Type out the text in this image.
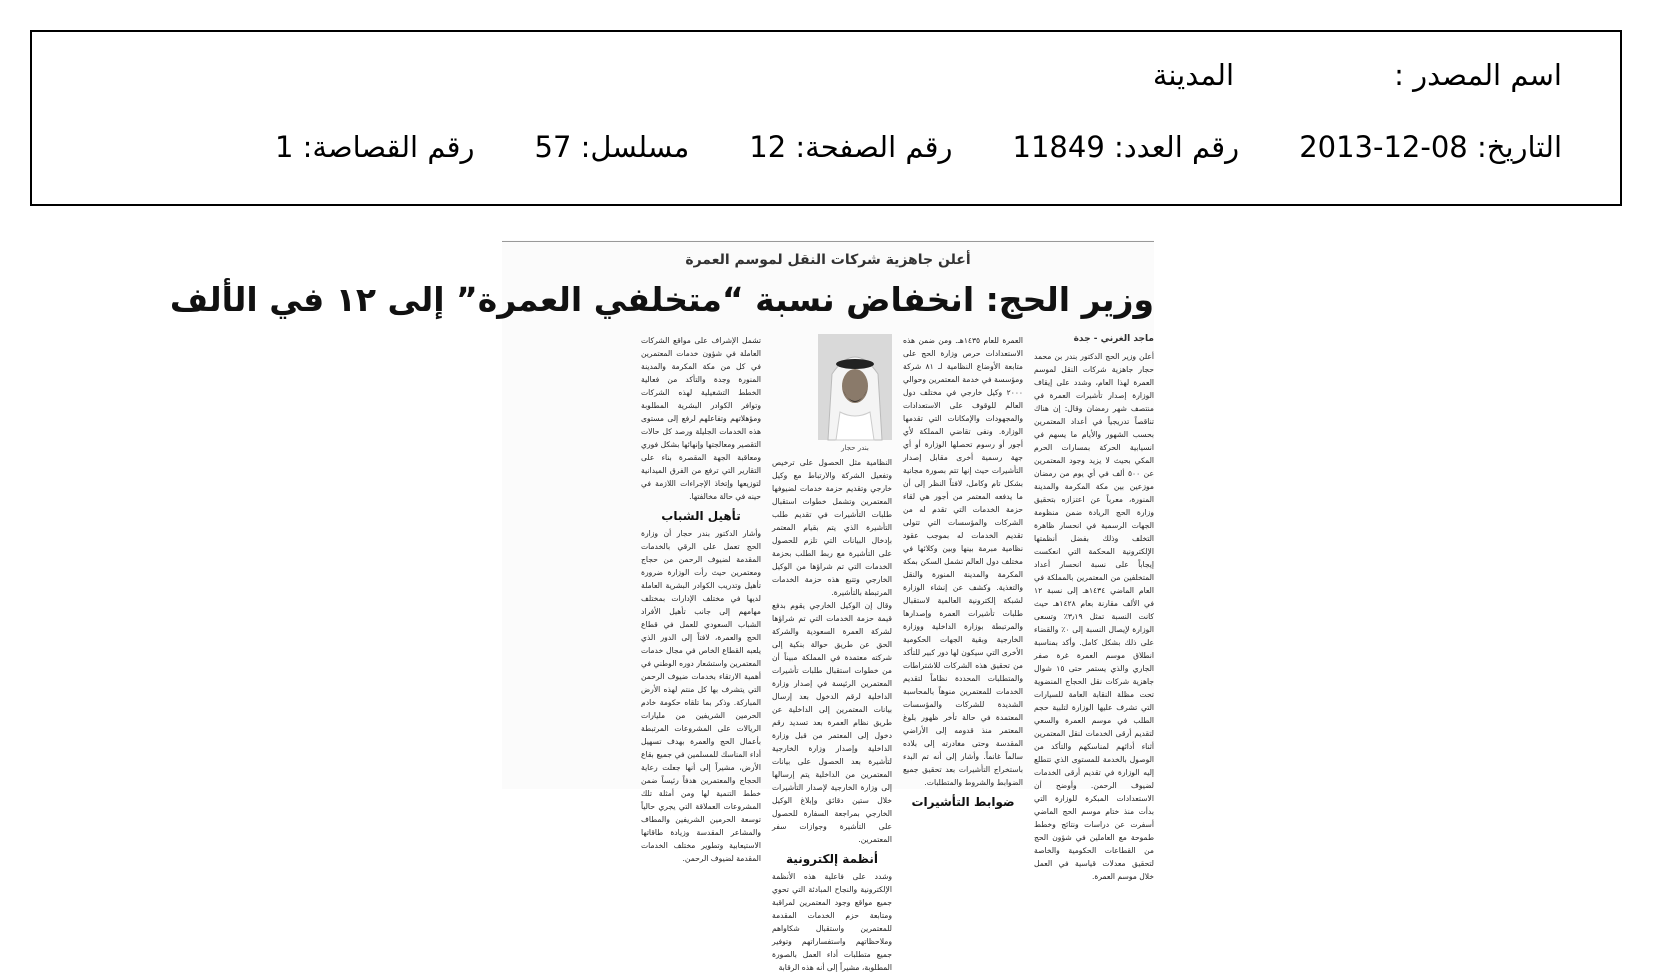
اسم المصدر :
المدينة
التاريخ:

2013-12-08
رقم العدد:

11849
رقم الصفحة:

12
مسلسل:

57
رقم القصاصة:

1
أعلن جاهزية شركات النقل لموسم العمرة
وزير الحج: انخفاض نسبة “متخلفي العمرة” إلى ١٢ في الألف
ماجد الغرني - جدة
أعلن وزير الحج الدكتور بندر بن محمد حجار جاهزية شركات النقل لموسم العمرة لهذا العام، وشدد على إيقاف الوزارة إصدار تأشيرات العمرة في منتصف شهر رمضان وقال: إن هناك تناقصاً تدريجياً في أعداد المعتمرين بحسب الشهور والأيام ما يسهم في انسيابية الحركة بمسارات الحرم المكي بحيث لا يزيد وجود المعتمرين عن ٥٠٠ ألف في أي يوم من رمضان موزعين بين مكة المكرمة والمدينة المنورة، معرباً عن اعتزازه بتحقيق وزارة الحج الريادة ضمن منظومة الجهات الرسمية في انحسار ظاهرة التخلف وذلك بفضل أنظمتها الإلكترونية المحكمة التي انعكست إيجاباً على نسبة انحسار أعداد المتخلفين من المعتمرين بالمملكة في العام الماضي ١٤٣٤هـ إلى نسبة ١٢ في الألف مقارنة بعام ١٤٢٨هـ حيث كانت النسبة تمثل ٣٫١٩٪ وتسعى الوزارة لإيصال النسبة إلى ٠٪ والقضاء على ذلك بشكل كامل. وأكد بمناسبة انطلاق موسم العمرة غرة صفر الجاري والذي يستمر حتى ١٥ شوال جاهزية شركات نقل الحجاج المنضوية تحت مظلة النقابة العامة للسيارات التي تشرف عليها الوزارة لتلبية حجم الطلب في موسم العمرة والسعي لتقديم أرقى الخدمات لنقل المعتمرين أثناء أدائهم لمناسكهم والتأكد من الوصول بالخدمة للمستوى الذي تتطلع إليه الوزارة في تقديم أرقى الخدمات لضيوف الرحمن. وأوضح أن الاستعدادات المبكرة للوزارة التي بدأت منذ ختام موسم الحج الماضي أسفرت عن دراسات ونتائج وخطط طموحة مع العاملين في شؤون الحج من القطاعات الحكومية والخاصة لتحقيق معدلات قياسية في العمل خلال موسم العمرة.
العمرة للعام ١٤٣٥هـ. ومن ضمن هذه الاستعدادات حرص وزارة الحج على متابعة الأوضاع النظامية لـ ٨١ شركة ومؤسسة في خدمة المعتمرين وحوالي ٢٠٠٠ وكيل خارجي في مختلف دول العالم للوقوف على الاستعدادات والمجهودات والإمكانات التي تقدمها الوزارة. ونفى تقاضي المملكة لأي أجور أو رسوم تحصلها الوزارة أو أي جهة رسمية أخرى مقابل إصدار التأشيرات حيث إنها تتم بصورة مجانية بشكل تام وكامل، لافتاً النظر إلى أن ما يدفعه المعتمر من أجور هي لقاء حزمة الخدمات التي تقدم له من الشركات والمؤسسات التي تتولى تقديم الخدمات له بموجب عقود نظامية مبرمة بينها وبين وكلائها في مختلف دول العالم تشمل السكن بمكة المكرمة والمدينة المنورة والنقل والتغذية. وكشف عن إنشاء الوزارة لشبكة إلكترونية العالمية لاستقبال طلبات تأشيرات العمرة وإصدارها والمرتبطة بوزارة الداخلية ووزارة الخارجية وبقية الجهات الحكومية الأخرى التي سيكون لها دور كبير للتأكد من تحقيق هذه الشركات للاشتراطات والمتطلبات المحددة نظاماً لتقديم الخدمات للمعتمرين منوهاً بالمحاسبة الشديدة للشركات والمؤسسات المعتمدة في حالة تأخر ظهور بلوغ المعتمر منذ قدومه إلى الأراضي المقدسة وحتى مغادرته إلى بلاده سالماً غانماً. وأشار إلى أنه تم البدء باستخراج التأشيرات بعد تحقيق جميع الضوابط والشروط والمتطلبات.
ضوابط التأشيرات
بندر حجار
النظامية مثل الحصول على ترخيص وتفعيل الشركة والارتباط مع وكيل خارجي وتقديم حزمة خدمات لضيوفها المعتمرين وتشمل خطوات استقبال طلبات التأشيرات في تقديم طلب التأشيرة الذي يتم بقيام المعتمر بإدخال البيانات التي تلزم للحصول على التأشيرة مع ربط الطلب بحزمة الخدمات التي تم شراؤها من الوكيل الخارجي وتتبع هذه حزمة الخدمات المرتبطة بالتأشيرة.
وقال إن الوكيل الخارجي يقوم بدفع قيمة حزمة الخدمات التي تم شراؤها لشركة العمرة السعودية والشركة الحق عن طريق حوالة بنكية إلى شركته معتمدة في المملكة مبيناً أن من خطوات استقبال طلبات تأشيرات المعتمرين الرئيسة في إصدار وزارة الداخلية لرقم الدخول بعد إرسال بيانات المعتمرين إلى الداخلية عن طريق نظام العمرة بعد تسديد رقم دخول إلى المعتمر من قبل وزارة الداخلية وإصدار وزارة الخارجية لتأشيرة بعد الحصول على بيانات المعتمرين من الداخلية يتم إرسالها إلى وزارة الخارجية لإصدار التأشيرات خلال ستين دقائق وإبلاغ الوكيل الخارجي بمراجعة السفارة للحصول على التأشيرة وجوازات سفر المعتمرين.
أنظمة إلكترونية
وشدد على فاعلية هذه الأنظمة الإلكترونية والنجاح المبادئة التي تحوي جميع مواقع وجود المعتمرين لمراقبة ومتابعة حزم الخدمات المقدمة للمعتمرين واستقبال شكاواهم وملاحظاتهم واستفساراتهم وتوفير جميع متطلبات أداء العمل بالصورة المطلوبة، مشيراً إلى أنه هذه الرقابة
تشمل الإشراف على مواقع الشركات العاملة في شؤون خدمات المعتمرين في كل من مكة المكرمة والمدينة المنورة وجدة والتأكد من فعالية الخطط التشغيلية لهذه الشركات وتوافر الكوادر البشرية المطلوبة ومؤهلاتهم وتفاعلهم لرفع إلى مستوى هذه الخدمات الجليلة ورصد كل حالات التقصير ومعالجتها وإنهائها بشكل فوري ومعاقبة الجهة المقصرة بناء على التقارير التي ترفع من الفرق الميدانية لتوزيعها وإتخاذ الإجراءات اللازمة في حينه في حالة مخالفتها.
تأهيل الشباب
وأشار الدكتور بندر حجار أن وزارة الحج تعمل على الرقي بالخدمات المقدمة لضيوف الرحمن من حجاج ومعتمرين حيث رأت الوزارة ضرورة تأهيل وتدريب الكوادر البشرية العاملة لديها في مختلف الإدارات بمختلف مهامهم إلى جانب تأهيل الأفراد الشباب السعودي للعمل في قطاع الحج والعمرة، لافتاً إلى الدور الذي يلعبه القطاع الخاص في مجال خدمات المعتمرين واستشعار دوره الوطني في أهمية الارتقاء بخدمات ضيوف الرحمن التي يتشرف بها كل منتم لهذه الأرض المباركة. وذكر بما تلقاه حكومة خادم الحرمين الشريفين من مليارات الريالات على المشروعات المرتبطة بأعمال الحج والعمرة بهدف تسهيل أداء المناسك للمسلمين في جميع بقاع الأرض، مشيراً إلى أنها جعلت رعاية الحجاج والمعتمرين هدفاً رئيساً ضمن خطط التنمية لها ومن أمثلة تلك المشروعات العملاقة التي يجري حالياً توسعة الحرمين الشريفين والمطاف والمشاعر المقدسة وزيادة طاقاتها الاستيعابية وتطوير مختلف الخدمات المقدمة لضيوف الرحمن.
